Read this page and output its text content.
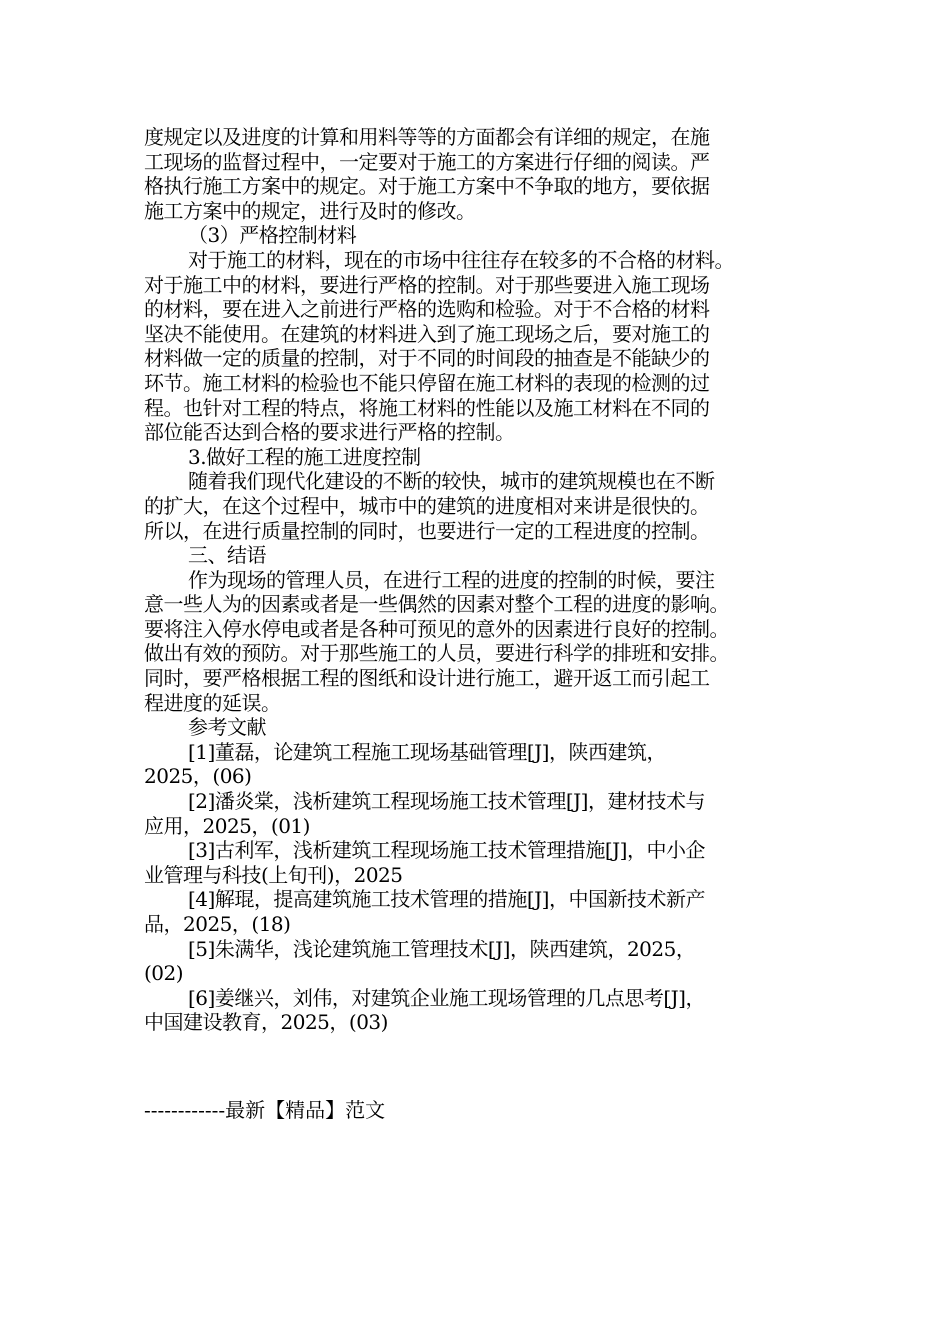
度规定以及进度的计算和用料等等的方面都会有详细的规定，在施
工现场的监督过程中，一定要对于施工的方案进行仔细的阅读。严
格执行施工方案中的规定。对于施工方案中不争取的地方，要依据
施工方案中的规定，进行及时的修改。
（3）严格控制材料
对于施工的材料，现在的市场中往往存在较多的不合格的材料。
对于施工中的材料，要进行严格的控制。对于那些要进入施工现场
的材料，要在进入之前进行严格的选购和检验。对于不合格的材料
坚决不能使用。在建筑的材料进入到了施工现场之后，要对施工的
材料做一定的质量的控制，对于不同的时间段的抽查是不能缺少的
环节。施工材料的检验也不能只停留在施工材料的表现的检测的过
程。也针对工程的特点，将施工材料的性能以及施工材料在不同的
部位能否达到合格的要求进行严格的控制。
3.做好工程的施工进度控制
随着我们现代化建设的不断的较快，城市的建筑规模也在不断
的扩大，在这个过程中，城市中的建筑的进度相对来讲是很快的。
所以，在进行质量控制的同时，也要进行一定的工程进度的控制。
三、结语
作为现场的管理人员，在进行工程的进度的控制的时候，要注
意一些人为的因素或者是一些偶然的因素对整个工程的进度的影响。
要将注入停水停电或者是各种可预见的意外的因素进行良好的控制。
做出有效的预防。对于那些施工的人员，要进行科学的排班和安排。
同时，要严格根据工程的图纸和设计进行施工，避开返工而引起工
程进度的延误。
参考文献
[1]董磊，论建筑工程施工现场基础管理[J]，陕西建筑，
2025，(06)
[2]潘炎棠，浅析建筑工程现场施工技术管理[J]，建材技术与
应用，2025，(01)
[3]古利军，浅析建筑工程现场施工技术管理措施[J]，中小企
业管理与科技(上旬刊)，2025
[4]解琨，提高建筑施工技术管理的措施[J]，中国新技术新产
品，2025，(18)
[5]朱满华，浅论建筑施工管理技术[J]，陕西建筑，2025，
(02)
[6]姜继兴，刘伟，对建筑企业施工现场管理的几点思考[J]，
中国建设教育，2025，(03)
------------最新【精品】范文
